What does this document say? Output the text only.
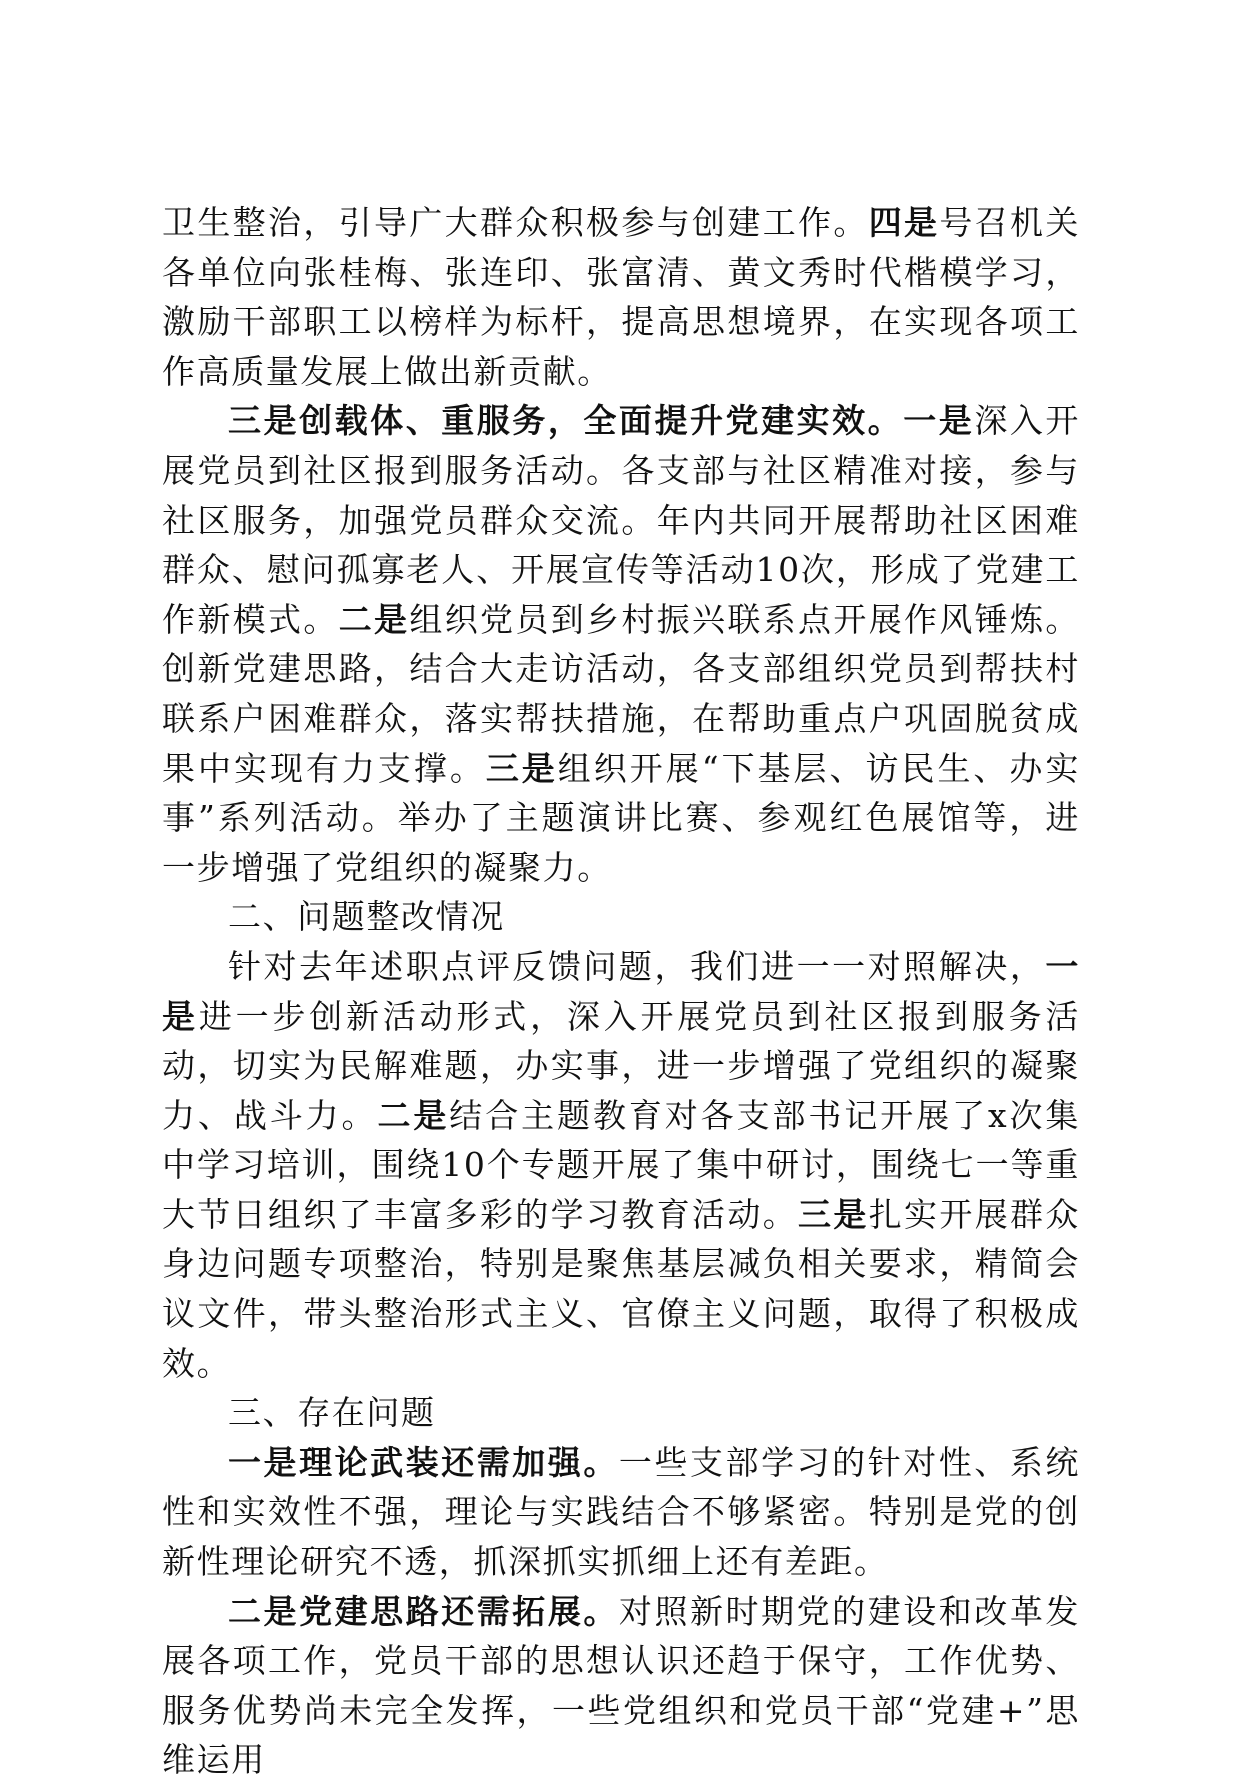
卫生整治，引导广大群众积极参与创建工作。四是号召机关各单位向张桂梅、张连印、张富清、黄文秀时代楷模学习，激励干部职工以榜样为标杆，提高思想境界，在实现各项工作高质量发展上做出新贡献。

三是创载体、重服务，全面提升党建实效。一是深入开展党员到社区报到服务活动。各支部与社区精准对接，参与社区服务，加强党员群众交流。年内共同开展帮助社区困难群众、慰问孤寡老人、开展宣传等活动10次，形成了党建工作新模式。二是组织党员到乡村振兴联系点开展作风锤炼。创新党建思路，结合大走访活动，各支部组织党员到帮扶村联系户困难群众，落实帮扶措施，在帮助重点户巩固脱贫成果中实现有力支撑。三是组织开展“下基层、访民生、办实事”系列活动。举办了主题演讲比赛、参观红色展馆等，进一步增强了党组织的凝聚力。

二、问题整改情况

针对去年述职点评反馈问题，我们进一一对照解决，一是进一步创新活动形式，深入开展党员到社区报到服务活动，切实为民解难题，办实事，进一步增强了党组织的凝聚力、战斗力。二是结合主题教育对各支部书记开展了x次集中学习培训，围绕10个专题开展了集中研讨，围绕七一等重大节日组织了丰富多彩的学习教育活动。三是扎实开展群众身边问题专项整治，特别是聚焦基层减负相关要求，精简会议文件，带头整治形式主义、官僚主义问题，取得了积极成效。

三、存在问题

一是理论武装还需加强。一些支部学习的针对性、系统性和实效性不强，理论与实践结合不够紧密。特别是党的创新性理论研究不透，抓深抓实抓细上还有差距。

二是党建思路还需拓展。对照新时期党的建设和改革发展各项工作，党员干部的思想认识还趋于保守，工作优势、服务优势尚未完全发挥，一些党组织和党员干部“党建+”思维运用
